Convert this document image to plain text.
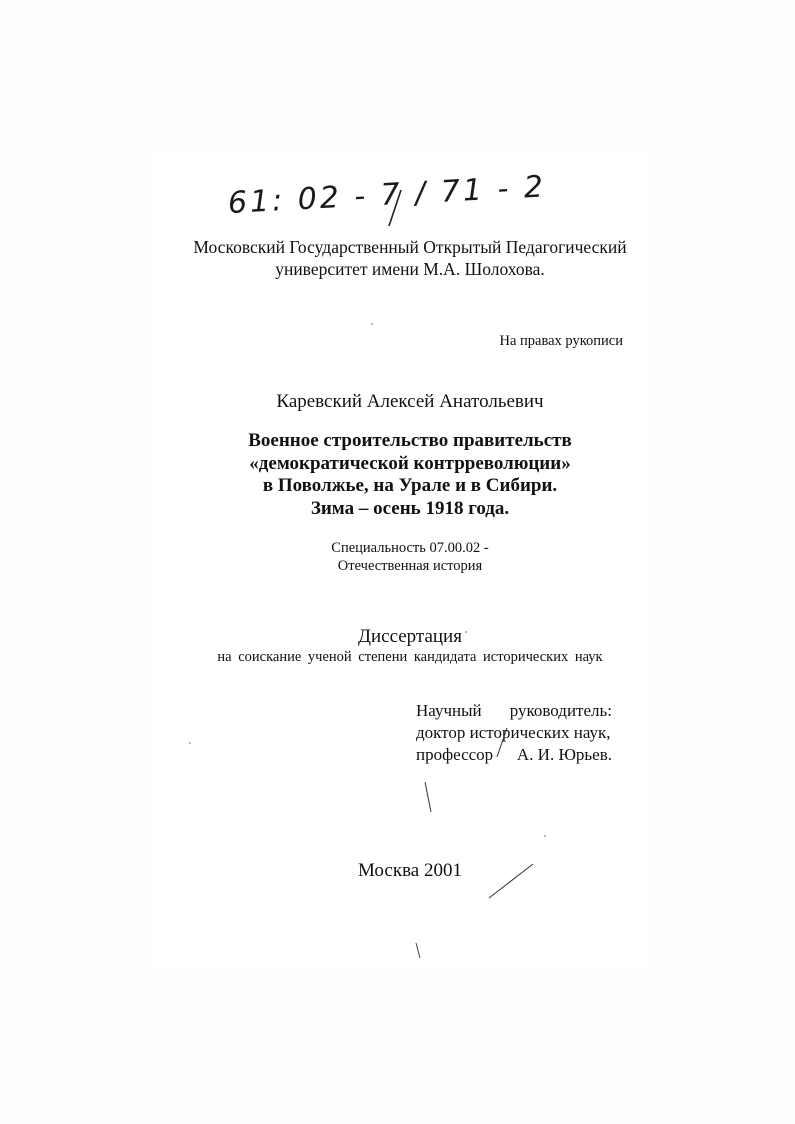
61: 02 - 7 / 71 - 2
Московский Государственный Открытый Педагогический
университет имени М.А. Шолохова.
На правах рукописи
Каревский Алексей Анатольевич
Военное строительство правительств
«демократической контрреволюции»
в Поволжье, на Урале и в Сибири.
Зима – осень 1918 года.
Специальность 07.00.02 -
Отечественная история
Диссертация
на соискание ученой степени кандидата исторических наук
Научный руководитель:
доктор исторических наук,
профессор А. И. Юрьев.
Москва 2001
